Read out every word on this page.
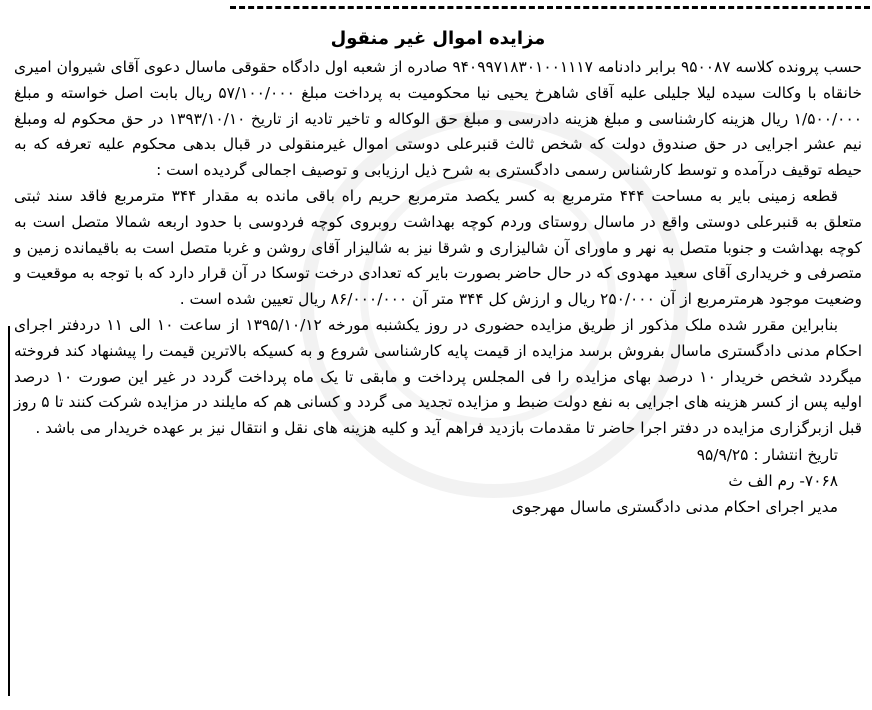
مزایده اموال غیر منقول

حسب پرونده کلاسه ۹۵۰۰۸۷ برابر دادنامه ۹۴۰۹۹۷۱۸۳۰۱۰۰۱۱۱۷ صادره از شعبه اول دادگاه حقوقی ماسال دعوی آقای شیروان امیری خانقاه با وکالت سیده لیلا جلیلی علیه آقای شاهرخ یحیی نیا محکومیت به پرداخت مبلغ ۵۷/۱۰۰/۰۰۰ ریال بابت اصل خواسته و مبلغ ۱/۵۰۰/۰۰۰ ریال هزینه کارشناسی و مبلغ هزینه دادرسی و مبلغ حق الوکاله و تاخیر تادیه از تاریخ ۱۳۹۳/۱۰/۱۰ در حق محکوم له ومبلغ نیم عشر اجرایی در حق صندوق دولت که شخص ثالث قنبرعلی دوستی اموال غیرمنقولی در قبال بدهی محکوم علیه تعرفه که به حیطه توقیف درآمده و توسط کارشناس رسمی دادگستری به شرح ذیل ارزیابی و توصیف اجمالی گردیده است :

قطعه زمینی بایر به مساحت ۴۴۴ مترمربع به کسر یکصد مترمربع حریم راه باقی مانده به مقدار ۳۴۴ مترمربع فاقد سند ثبتی متعلق به قنبرعلی دوستی واقع در ماسال روستای وردم کوچه بهداشت روبروی کوچه فردوسی با حدود اربعه شمالا متصل است به کوچه بهداشت و جنوبا متصل به نهر و ماورای آن شالیزاری و شرقا نیز به شالیزار آقای روشن و غربا متصل است به باقیمانده زمین و متصرفی و خریداری آقای سعید مهدوی که در حال حاضر بصورت بایر که تعدادی درخت توسکا در آن قرار دارد که با توجه به موقعیت و وضعیت موجود هرمترمربع از آن ۲۵۰/۰۰۰ ریال و ارزش کل ۳۴۴ متر آن ۸۶/۰۰۰/۰۰۰ ریال تعیین شده است .

بنابراین مقرر شده ملک مذکور از طریق مزایده حضوری در روز یکشنبه مورخه ۱۳۹۵/۱۰/۱۲ از ساعت ۱۰ الی ۱۱ دردفتر اجرای احکام مدنی دادگستری ماسال بفروش برسد مزایده از قیمت پایه کارشناسی شروع و به کسیکه بالاترین قیمت را پیشنهاد کند فروخته میگردد شخص خریدار ۱۰ درصد بهای مزایده را فی المجلس پرداخت و مابقی تا یک ماه پرداخت گردد در غیر این صورت ۱۰ درصد اولیه پس از کسر هزینه های اجرایی به نفع دولت ضبط و مزایده تجدید می گردد و کسانی هم که مایلند در مزایده شرکت کنند تا ۵ روز قبل ازبرگزاری مزایده در دفتر اجرا حاضر تا مقدمات بازدید فراهم آید و کلیه هزینه های نقل و انتقال نیز بر عهده خریدار می باشد .

تاریخ انتشار : ۹۵/۹/۲۵

۷۰۶۸- رم الف ث

مدیر اجرای احکام مدنی دادگستری ماسال مهرجوی
